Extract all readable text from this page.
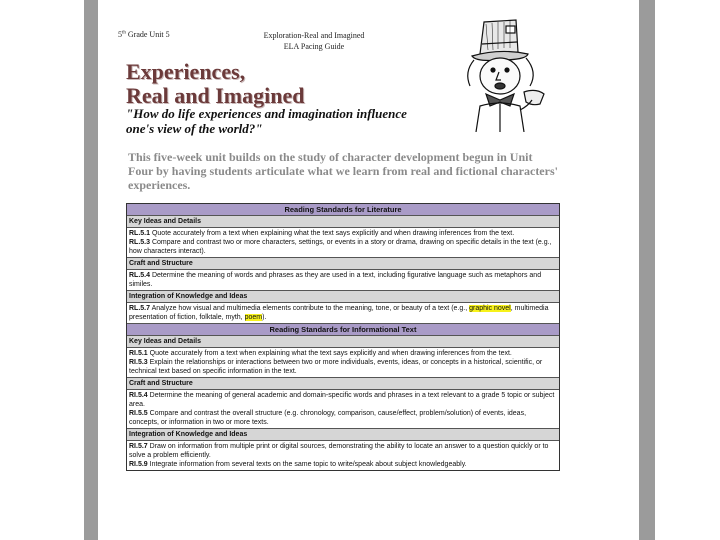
5th Grade Unit 5	Exploration-Real and Imagined
ELA Pacing Guide
Experiences,
Real and Imagined
"How do life experiences and imagination influence one's view of the world?"
This five-week unit builds on the study of character development begun in Unit Four by having students articulate what we learn from real and fictional characters' experiences.
Reading Standards for Literature
Key Ideas and Details
RL.5.1 Quote accurately from a text when explaining what the text says explicitly and when drawing inferences from the text.
RL.5.3 Compare and contrast two or more characters, settings, or events in a story or drama, drawing on specific details in the text (e.g., how characters interact).
Craft and Structure
RL.5.4 Determine the meaning of words and phrases as they are used in a text, including figurative language such as metaphors and similes.
Integration of Knowledge and Ideas
RL.5.7 Analyze how visual and multimedia elements contribute to the meaning, tone, or beauty of a text (e.g., graphic novel, multimedia presentation of fiction, folktale, myth, poem).
Reading Standards for Informational Text
Key Ideas and Details
RI.5.1 Quote accurately from a text when explaining what the text says explicitly and when drawing inferences from the text.
RI.5.3 Explain the relationships or interactions between two or more individuals, events, ideas, or concepts in a historical, scientific, or technical text based on specific information in the text.
Craft and Structure
RI.5.4 Determine the meaning of general academic and domain-specific words and phrases in a text relevant to a grade 5 topic or subject area.
RI.5.5 Compare and contrast the overall structure (e.g. chronology, comparison, cause/effect, problem/solution) of events, ideas, concepts, or information in two or more texts.
Integration of Knowledge and Ideas
RI.5.7 Draw on information from multiple print or digital sources, demonstrating the ability to locate an answer to a question quickly or to solve a problem efficiently.
RI.5.9 Integrate information from several texts on the same topic to write/speak about subject knowledgeably.
